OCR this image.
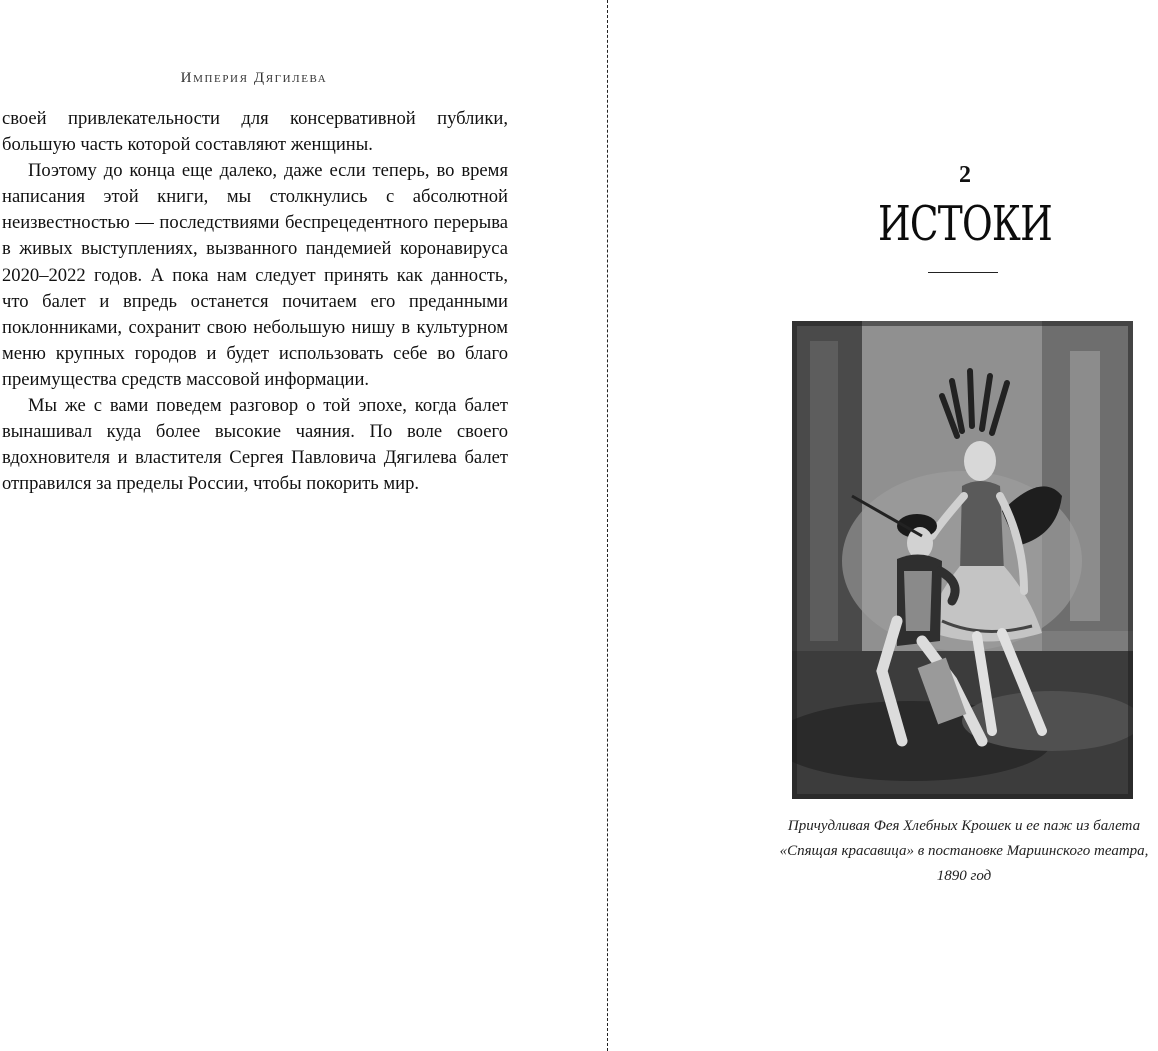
Империя Дягилева

своей привлекательности для консервативной публики, большую часть которой составляют женщины.

Поэтому до конца еще далеко, даже если теперь, во время написания этой книги, мы столкнулись с абсолютной неизвестностью — последствиями беспрецедентного перерыва в живых выступлениях, вызванного пандемией коронавируса 2020–2022 годов. А пока нам следует принять как данность, что балет и впредь останется почитаем его преданными поклонниками, сохранит свою небольшую нишу в культурном меню крупных городов и будет использовать себе во благо преимущества средств массовой информации.

Мы же с вами поведем разговор о той эпохе, когда балет вынашивал куда более высокие чаяния. По воле своего вдохновителя и властителя Сергея Павловича Дягилева балет отправился за пределы России, чтобы покорить мир.

2
ИСТОКИ
Причудливая Фея Хлебных Крошек и ее паж из балета
«Спящая красавица» в постановке Мариинского театра,
1890 год
